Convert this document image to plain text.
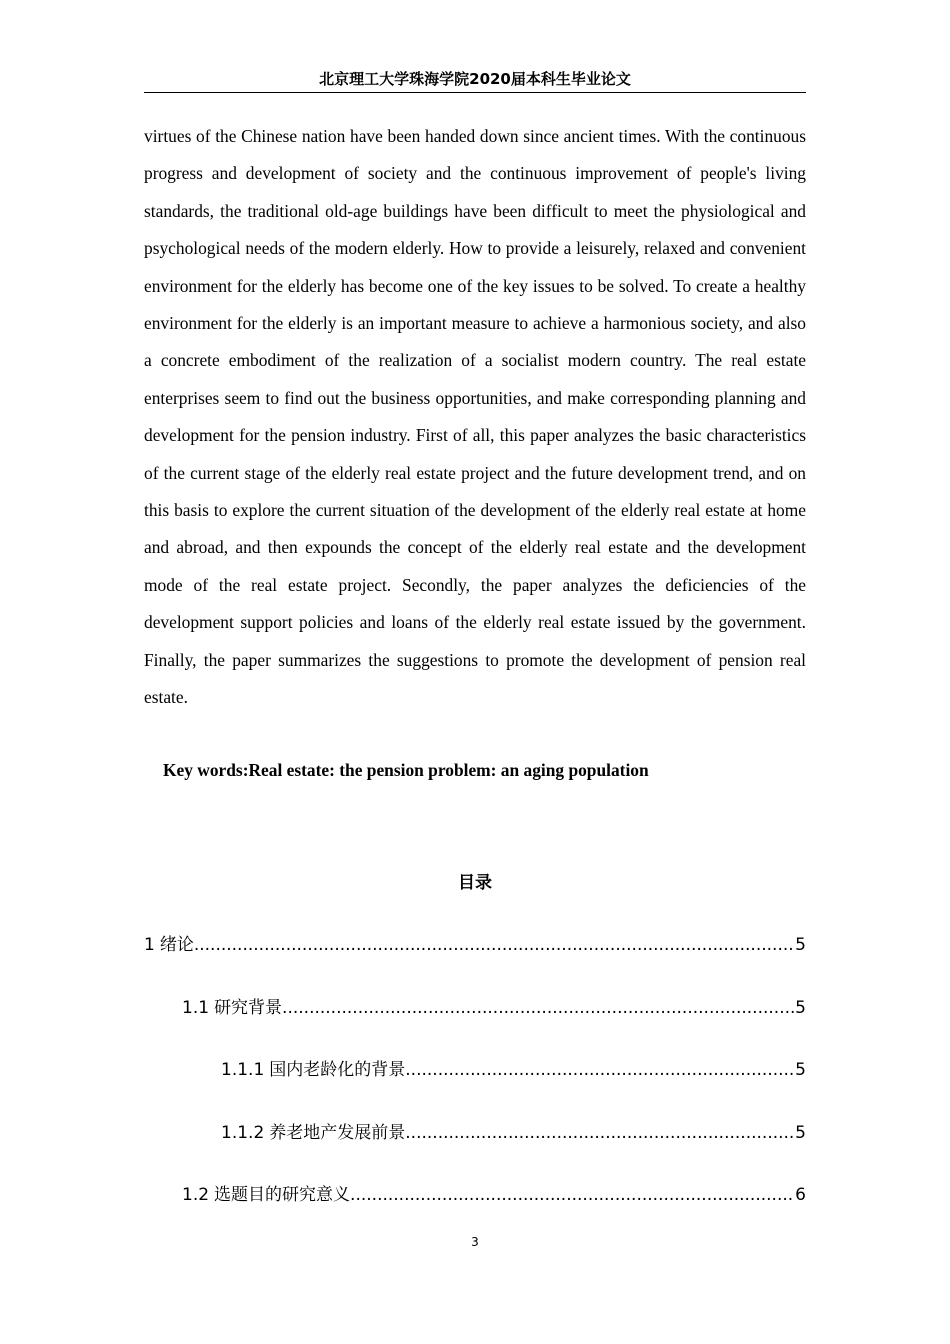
北京理工大学珠海学院2020届本科生毕业论文

virtues of the Chinese nation have been handed down since ancient times. With the continuous progress and development of society and the continuous improvement of people's living standards, the traditional old-age buildings have been difficult to meet the physiological and psychological needs of the modern elderly. How to provide a leisurely, relaxed and convenient environment for the elderly has become one of the key issues to be solved. To create a healthy environment for the elderly is an important measure to achieve a harmonious society, and also a concrete embodiment of the realization of a socialist modern country. The real estate enterprises seem to find out the business opportunities, and make corresponding planning and development for the pension industry. First of all, this paper analyzes the basic characteristics of the current stage of the elderly real estate project and the future development trend, and on this basis to explore the current situation of the development of the elderly real estate at home and abroad, and then expounds the concept of the elderly real estate and the development mode of the real estate project. Secondly, the paper analyzes the deficiencies of the development support policies and loans of the elderly real estate issued by the government. Finally, the paper summarizes the suggestions to promote the development of pension real estate.

Key words:Real estate: the pension problem: an aging population
目录
1 绪论 .....	5
1.1 研究背景 .....	5
1.1.1 国内老龄化的背景 .....	5
1.1.2 养老地产发展前景 .....	5
1.2 选题目的研究意义 .....	6
3
